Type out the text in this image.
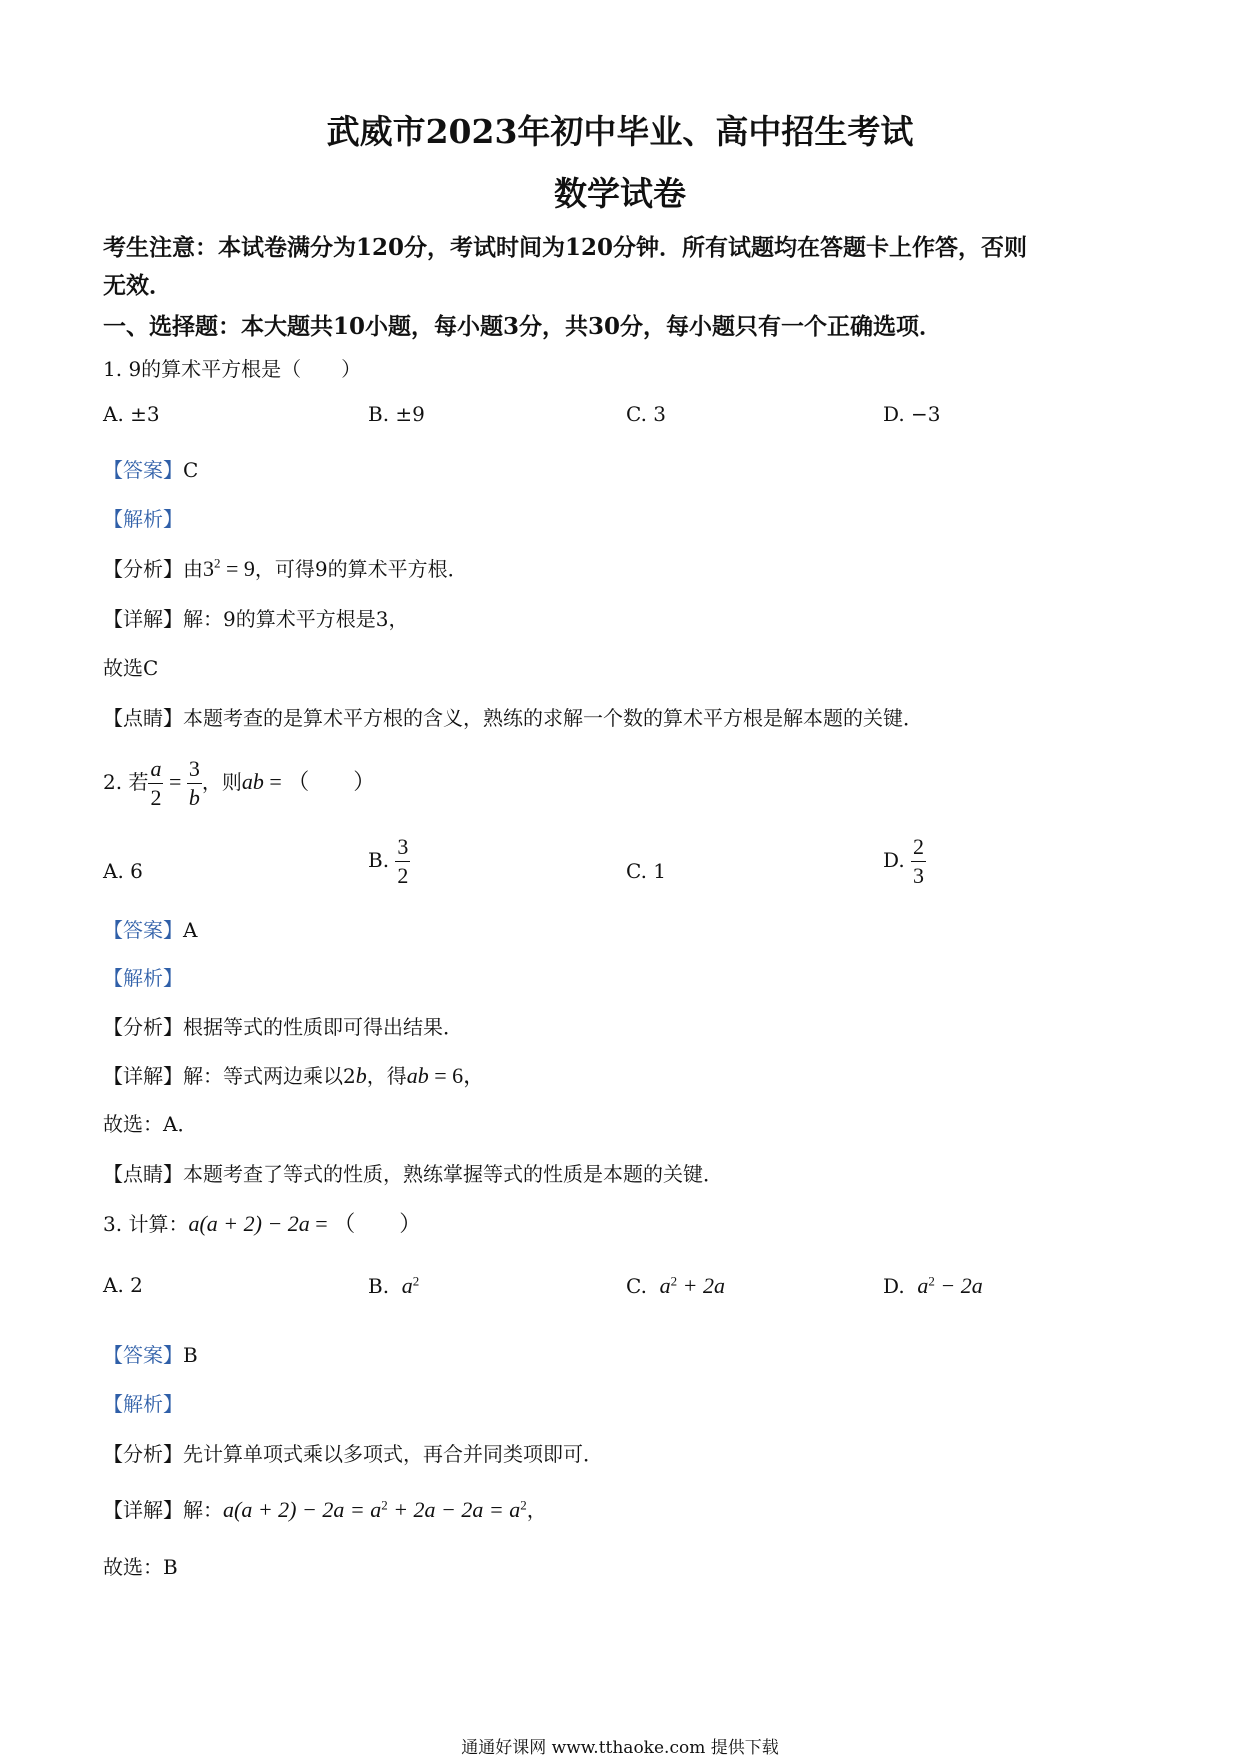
武威市2023年初中毕业、高中招生考试
数学试卷
考生注意：本试卷满分为120分，考试时间为120分钟．所有试题均在答题卡上作答，否则
无效．
一、选择题：本大题共10小题，每小题3分，共30分，每小题只有一个正确选项．
1. 9的算术平方根是（　　）
A. ±3	B. ±9	C. 3	D. −3
【答案】C
【解析】
【分析】由$3^2 = 9$，可得9的算术平方根．
【详解】解：9的算术平方根是3，
故选C
【点睛】本题考查的是算术平方根的含义，熟练的求解一个数的算术平方根是解本题的关键．
2. 若 $\frac{a}{2} = \frac{3}{b}$ ，则ab = （　　）
A. 6	B. $\frac{3}{2}$	C. 1	D. $\frac{2}{3}$
【答案】A
【解析】
【分析】根据等式的性质即可得出结果．
【详解】解：等式两边乘以2b，得ab = 6，
故选：A．
【点睛】本题考查了等式的性质，熟练掌握等式的性质是本题的关键．
3. 计算：a(a + 2) − 2a = （　　）
A. 2	B. $a^2$	C. $a^2 + 2a$	D. $a^2 - 2a$
【答案】B
【解析】
【分析】先计算单项式乘以多项式，再合并同类项即可．
【详解】解：$a(a + 2) - 2a = a^2 + 2a - 2a = a^2$，
故选：B
通通好课网 www.tthaoke.com 提供下载
